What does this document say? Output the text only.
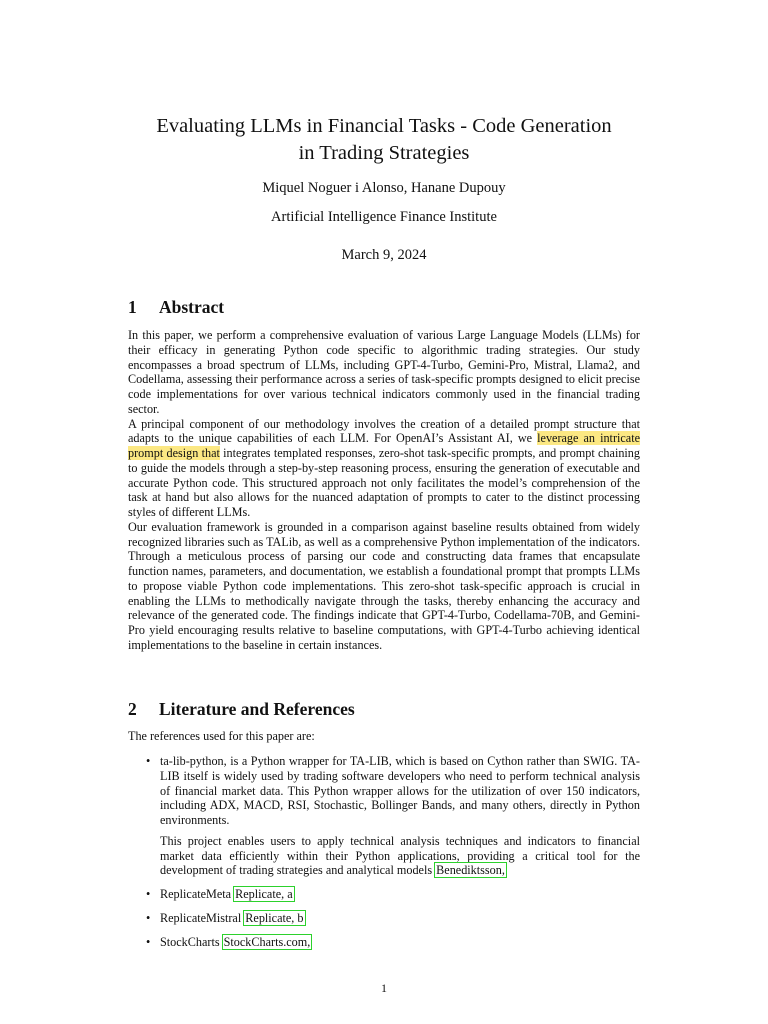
Evaluating LLMs in Financial Tasks - Code Generation
in Trading Strategies
Miquel Noguer i Alonso, Hanane Dupouy
Artificial Intelligence Finance Institute
March 9, 2024
1 Abstract

In this paper, we perform a comprehensive evaluation of various Large Language Models (LLMs) for their efficacy in generating Python code specific to algorithmic trading strategies. Our study encompasses a broad spectrum of LLMs, including GPT-4-Turbo, Gemini-Pro, Mistral, Llama2, and Codellama, assessing their performance across a series of task-specific prompts designed to elicit precise code implementations for over various technical indicators commonly used in the financial trading sector.

A principal component of our methodology involves the creation of a detailed prompt structure that adapts to the unique capabilities of each LLM. For OpenAI’s Assistant AI, we leverage an intricate prompt design that integrates templated responses, zero-shot task-specific prompts, and prompt chaining to guide the models through a step-by-step reasoning process, ensuring the generation of executable and accurate Python code. This structured approach not only facilitates the model’s comprehension of the task at hand but also allows for the nuanced adaptation of prompts to cater to the distinct processing styles of different LLMs.

Our evaluation framework is grounded in a comparison against baseline results obtained from widely recognized libraries such as TALib, as well as a comprehensive Python implementation of the indicators. Through a meticulous process of parsing our code and constructing data frames that encapsulate function names, parameters, and documentation, we establish a foundational prompt that prompts LLMs to propose viable Python code implementations. This zero-shot task-specific approach is crucial in enabling the LLMs to methodically navigate through the tasks, thereby enhancing the accuracy and relevance of the generated code. The findings indicate that GPT-4-Turbo, Codellama-70B, and Gemini-Pro yield encouraging results relative to baseline computations, with GPT-4-Turbo achieving identical implementations to the baseline in certain instances.

2 Literature and References
The references used for this paper are:
• ta-lib-python, is a Python wrapper for TA-LIB, which is based on Cython rather than SWIG. TA-LIB itself is widely used by trading software developers who need to perform technical analysis of financial market data. This Python wrapper allows for the utilization of over 150 indicators, including ADX, MACD, RSI, Stochastic, Bollinger Bands, and many others, directly in Python environments.
This project enables users to apply technical analysis techniques and indicators to financial market data efficiently within their Python applications, providing a critical tool for the development of trading strategies and analytical models Benediktsson,
• ReplicateMeta Replicate, a
• ReplicateMistral Replicate, b
• StockCharts StockCharts.com,
1
